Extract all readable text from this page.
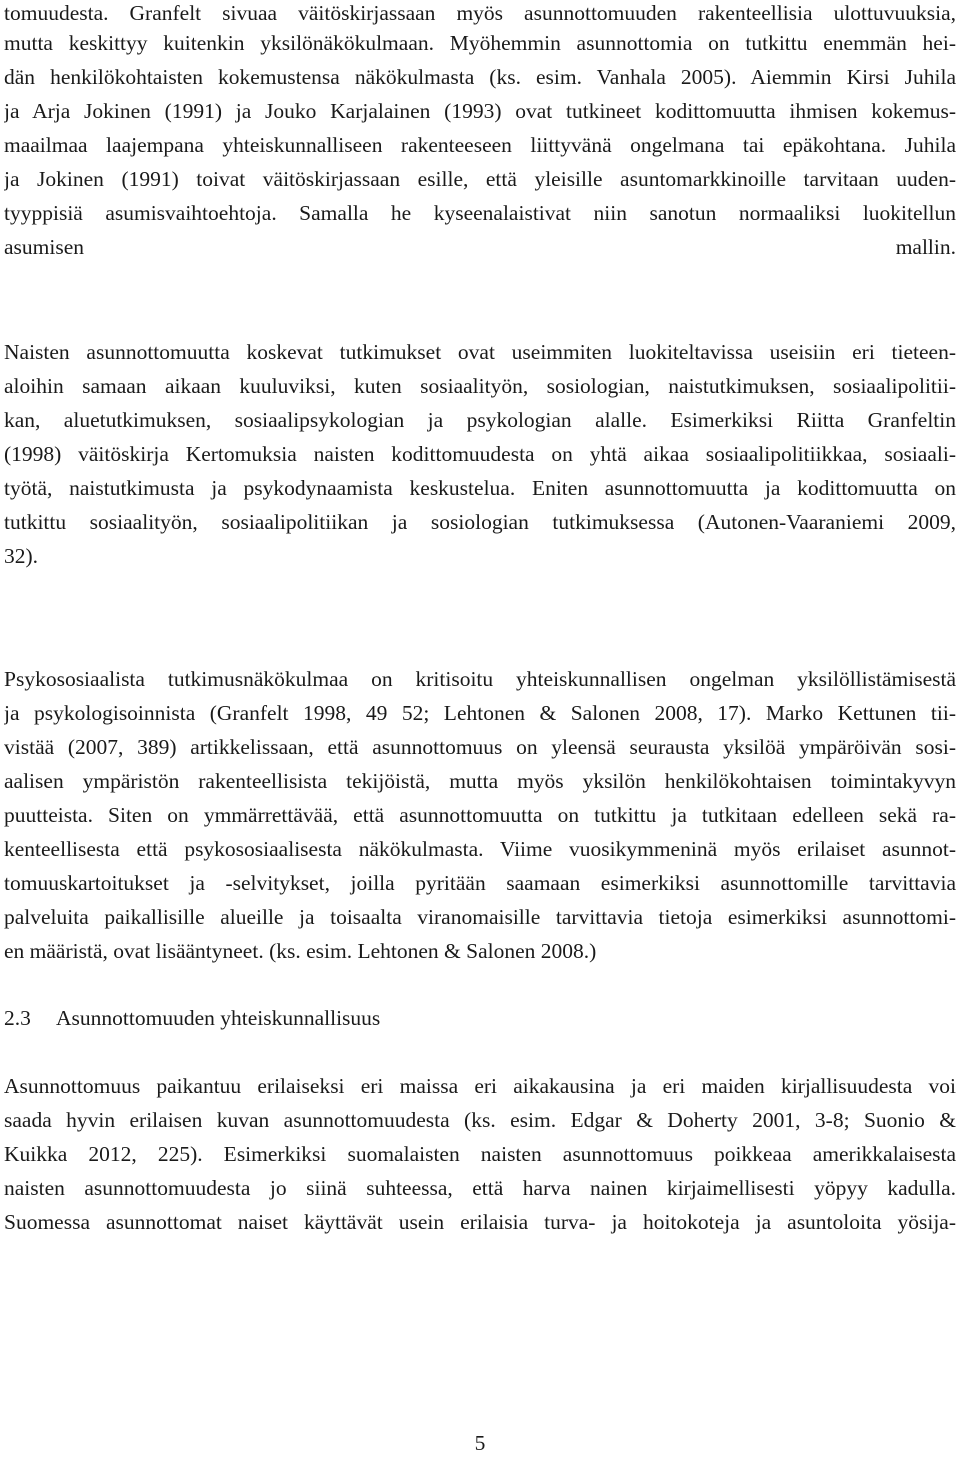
tomuudesta. Granfelt sivuaa väitöskirjassaan myös asunnottomuuden rakenteellisia ulottuvuuksia,
mutta keskittyy kuitenkin yksilönäkökulmaan. Myöhemmin asunnottomia on tutkittu enemmän hei-
dän henkilökohtaisten kokemustensa näkökulmasta (ks. esim. Vanhala 2005). Aiemmin Kirsi Juhila
ja Arja Jokinen (1991) ja Jouko Karjalainen (1993) ovat tutkineet kodittomuutta ihmisen kokemus-
maailmaa laajempana yhteiskunnalliseen rakenteeseen liittyvänä ongelmana tai epäkohtana. Juhila
ja Jokinen (1991) toivat väitöskirjassaan esille, että yleisille asuntomarkkinoille tarvitaan uuden-
tyyppisiä asumisvaihtoehtoja. Samalla he kyseenalaistivat niin sanotun normaaliksi luokitellun
asumisen mallin.
Naisten asunnottomuutta koskevat tutkimukset ovat useimmiten luokiteltavissa useisiin eri tieteen-
aloihin samaan aikaan kuuluviksi, kuten sosiaalityön, sosiologian, naistutkimuksen, sosiaalipolitii-
kan, aluetutkimuksen, sosiaalipsykologian ja psykologian alalle. Esimerkiksi Riitta Granfeltin
(1998) väitöskirja Kertomuksia naisten kodittomuudesta on yhtä aikaa sosiaalipolitiikkaa, sosiaali-
työtä, naistutkimusta ja psykodynaamista keskustelua. Eniten asunnottomuutta ja kodittomuutta on
tutkittu sosiaalityön, sosiaalipolitiikan ja sosiologian tutkimuksessa (Autonen-Vaaraniemi 2009,
32).
Psykososiaalista tutkimusnäkökulmaa on kritisoitu yhteiskunnallisen ongelman yksilöllistämisestä
ja psykologisoinnista (Granfelt 1998, 49 52; Lehtonen & Salonen 2008, 17). Marko Kettunen tii-
vistää (2007, 389) artikkelissaan, että asunnottomuus on yleensä seurausta yksilöä ympäröivän sosi-
aalisen ympäristön rakenteellisista tekijöistä, mutta myös yksilön henkilökohtaisen toimintakyvyn
puutteista. Siten on ymmärrettävää, että asunnottomuutta on tutkittu ja tutkitaan edelleen sekä ra-
kenteellisesta että psykososiaalisesta näkökulmasta. Viime vuosikymmeninä myös erilaiset asunnot-
tomuuskartoitukset ja -selvitykset, joilla pyritään saamaan esimerkiksi asunnottomille tarvittavia
palveluita paikallisille alueille ja toisaalta viranomaisille tarvittavia tietoja esimerkiksi asunnottomi-
en määristä, ovat lisääntyneet. (ks. esim. Lehtonen & Salonen 2008.)
2.3 Asunnottomuuden yhteiskunnallisuus
Asunnottomuus paikantuu erilaiseksi eri maissa eri aikakausina ja eri maiden kirjallisuudesta voi
saada hyvin erilaisen kuvan asunnottomuudesta (ks. esim. Edgar & Doherty 2001, 3-8; Suonio &
Kuikka 2012, 225). Esimerkiksi suomalaisten naisten asunnottomuus poikkeaa amerikkalaisesta
naisten asunnottomuudesta jo siinä suhteessa, että harva nainen kirjaimellisesti yöpyy kadulla.
Suomessa asunnottomat naiset käyttävät usein erilaisia turva- ja hoitokoteja ja asuntoloita yösija-
5
